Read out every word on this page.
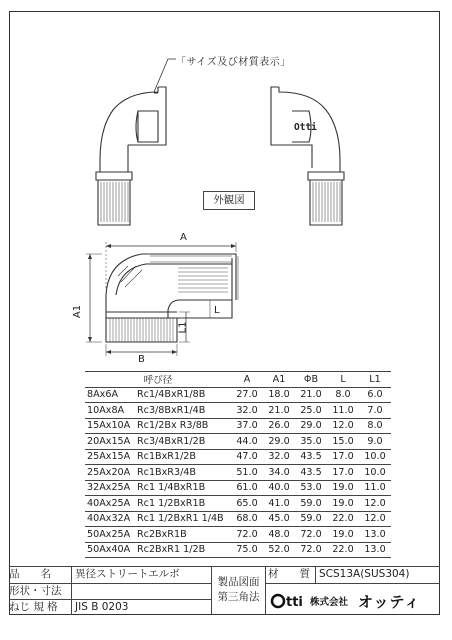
「サイズ及び材質表示」
外観図
Otti
A
A1
B
L
L1
呼び径		A	A1	ΦB	L	L1
8Ax6A	Rc1/4BxR1/8B	27.0	18.0	21.0	8.0	6.0
10Ax8A	Rc3/8BxR1/4B	32.0	21.0	25.0	11.0	7.0
15Ax10A	Rc1/2Bx R3/8B	37.0	26.0	29.0	12.0	8.0
20Ax15A	Rc3/4BxR1/2B	44.0	29.0	35.0	15.0	9.0
25Ax15A	Rc1BxR1/2B	47.0	32.0	43.5	17.0	10.0
25Ax20A	Rc1BxR3/4B	51.0	34.0	43.5	17.0	10.0
32Ax25A	Rc1 1/4BxR1B	61.0	40.0	53.0	19.0	11.0
40Ax25A	Rc1 1/2BxR1B	65.0	41.0	59.0	19.0	12.0
40Ax32A	Rc1 1/2BxR1 1/4B	68.0	45.0	59.0	22.0	12.0
50Ax25A	Rc2BxR1B	72.0	48.0	72.0	19.0	13.0
50Ax40A	Rc2BxR1 1/2B	75.0	52.0	72.0	22.0	13.0
品　　名	異径ストリートエルボ
形状・寸法
ねじ 規 格	JIS B 0203
製品図面
第三角法
材　　質 SCS13A(SUS304)
tti 株式会社 オッティ
